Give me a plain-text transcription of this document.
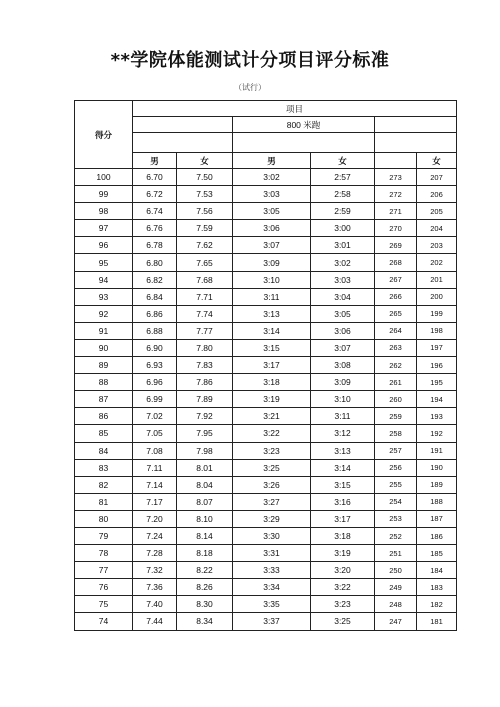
**学院体能测试计分项目评分标准
（试行）
得分	项目					
			800 米跑			

	男	女	男	女		女
100	6.70	7.50	3:02	2:57	273	207
99	6.72	7.53	3:03	2:58	272	206
98	6.74	7.56	3:05	2:59	271	205
97	6.76	7.59	3:06	3:00	270	204
96	6.78	7.62	3:07	3:01	269	203
95	6.80	7.65	3:09	3:02	268	202
94	6.82	7.68	3:10	3:03	267	201
93	6.84	7.71	3:11	3:04	266	200
92	6.86	7.74	3:13	3:05	265	199
91	6.88	7.77	3:14	3:06	264	198
90	6.90	7.80	3:15	3:07	263	197
89	6.93	7.83	3:17	3:08	262	196
88	6.96	7.86	3:18	3:09	261	195
87	6.99	7.89	3:19	3:10	260	194
86	7.02	7.92	3:21	3:11	259	193
85	7.05	7.95	3:22	3:12	258	192
84	7.08	7.98	3:23	3:13	257	191
83	7.11	8.01	3:25	3:14	256	190
82	7.14	8.04	3:26	3:15	255	189
81	7.17	8.07	3:27	3:16	254	188
80	7.20	8.10	3:29	3:17	253	187
79	7.24	8.14	3:30	3:18	252	186
78	7.28	8.18	3:31	3:19	251	185
77	7.32	8.22	3:33	3:20	250	184
76	7.36	8.26	3:34	3:22	249	183
75	7.40	8.30	3:35	3:23	248	182
74	7.44	8.34	3:37	3:25	247	181
